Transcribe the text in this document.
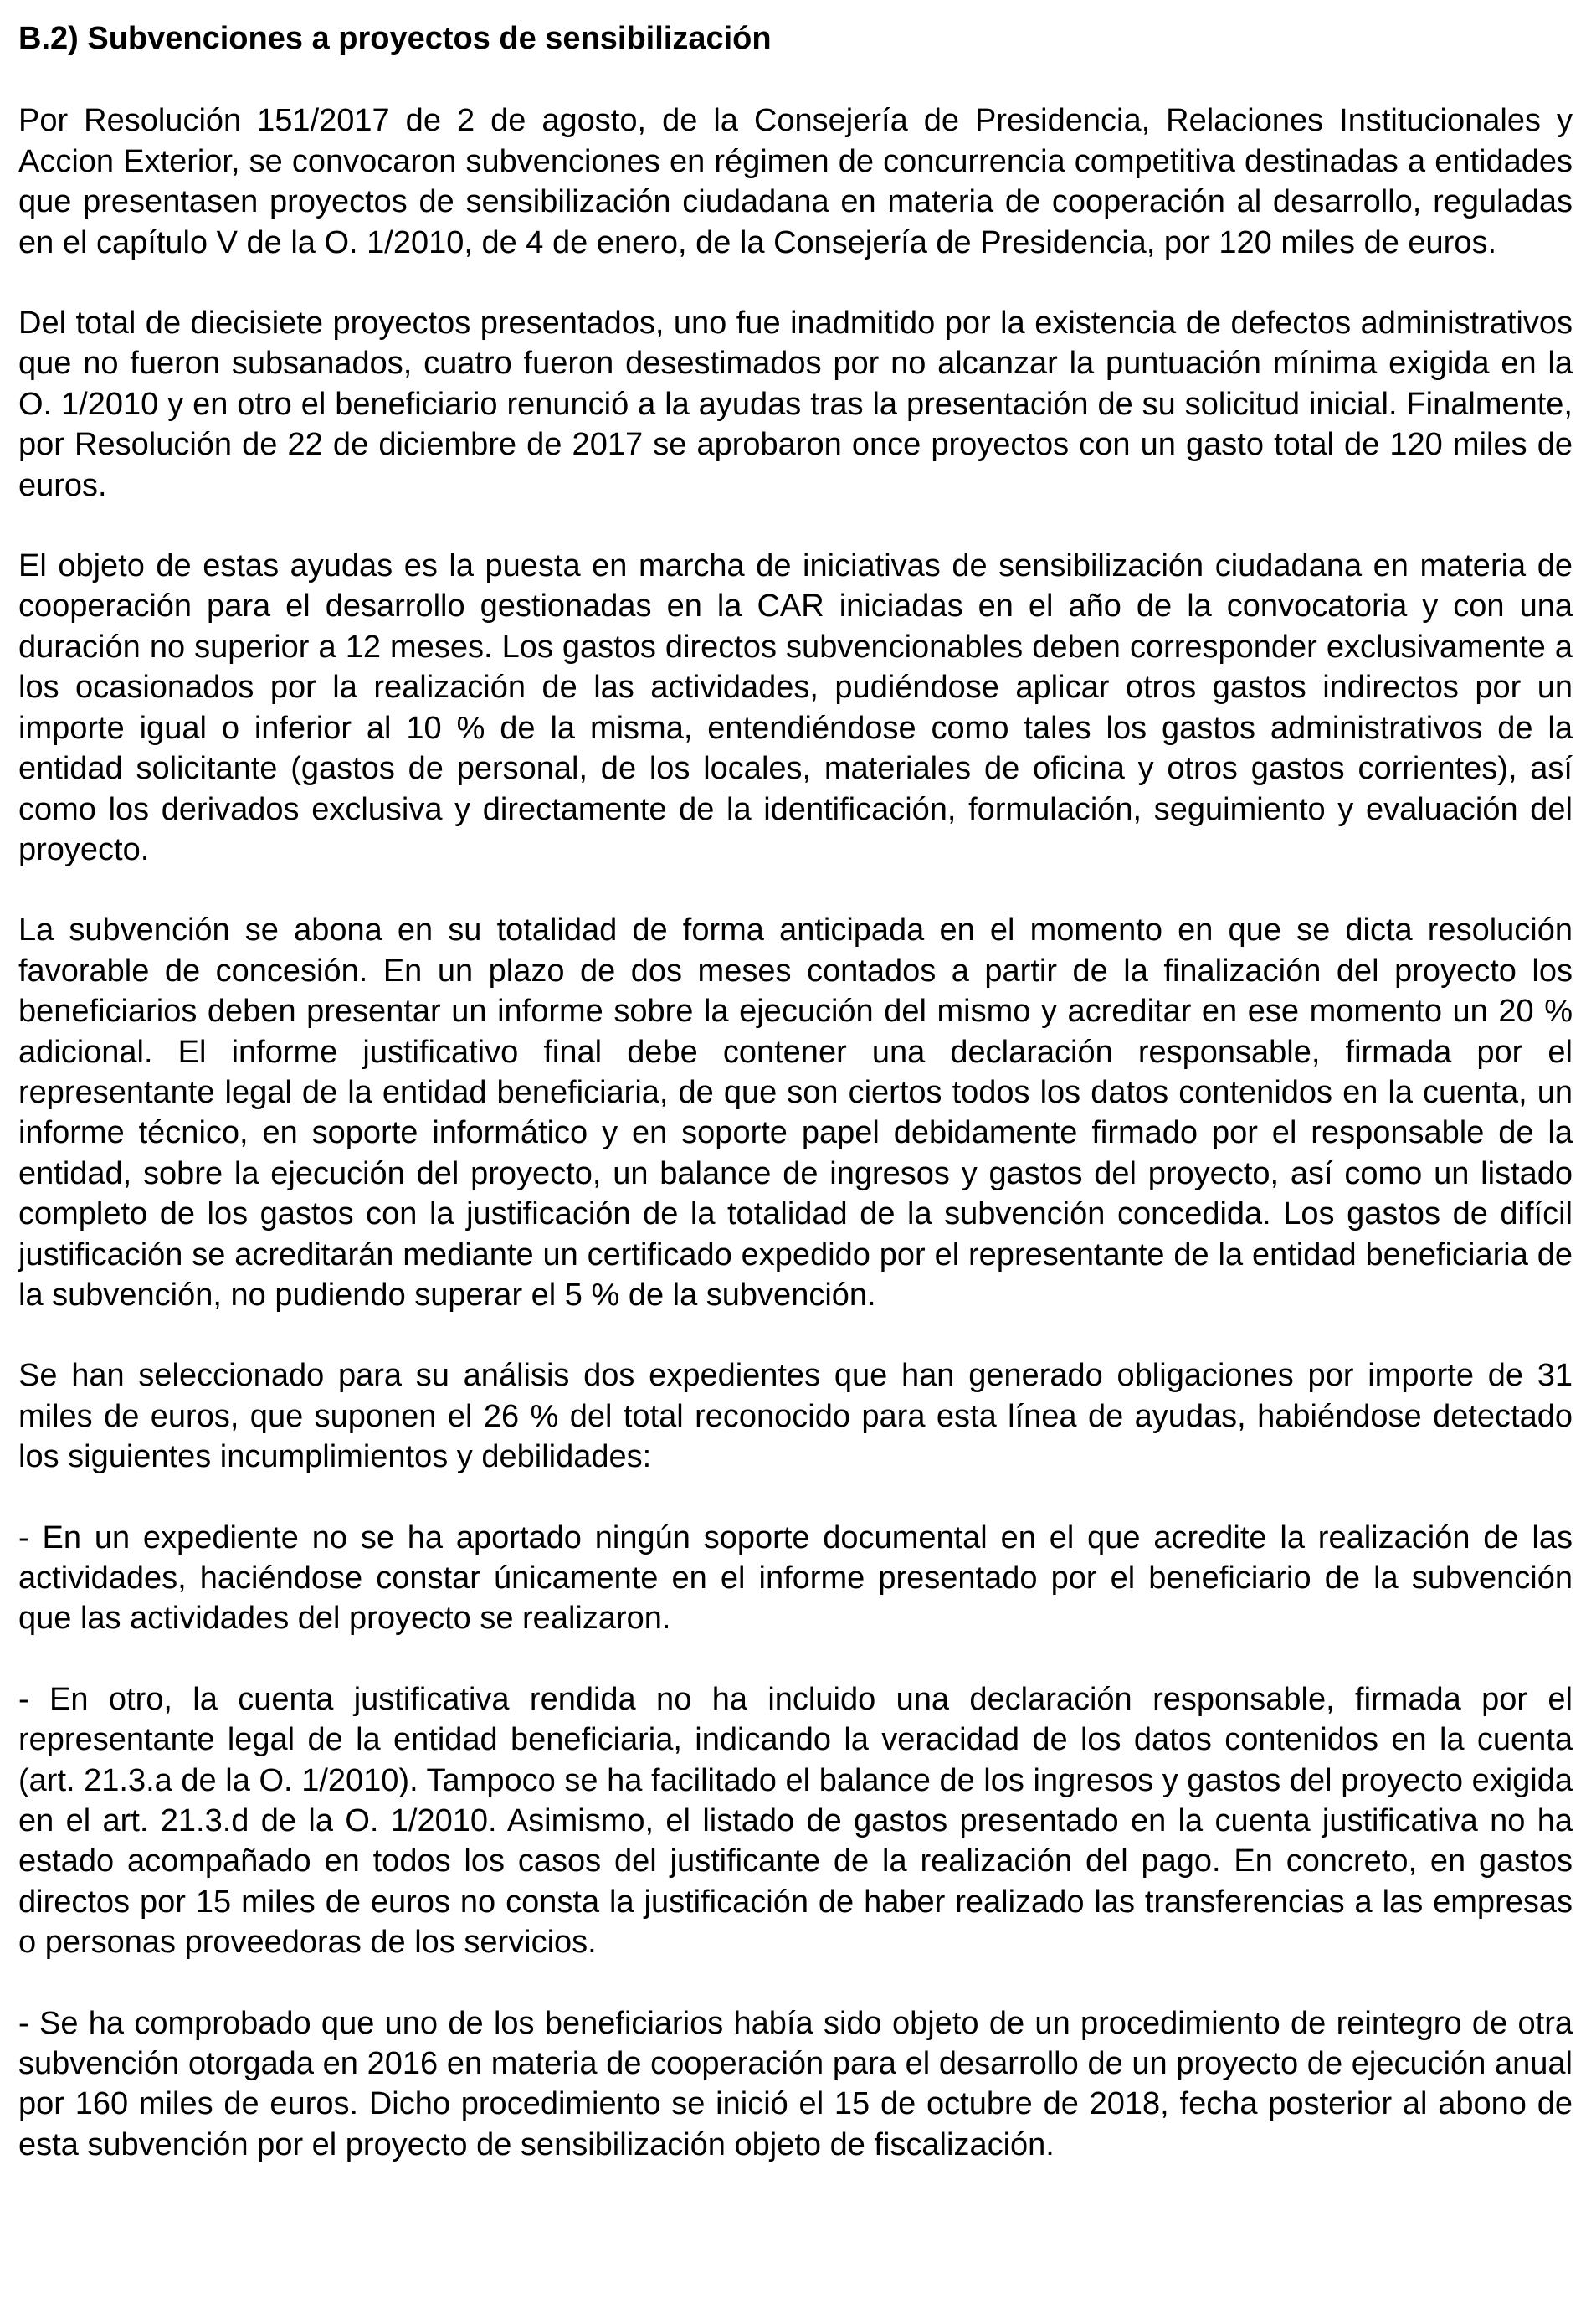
B.2) Subvenciones a proyectos de sensibilización

Por Resolución 151/2017 de 2 de agosto, de la Consejería de Presidencia, Relaciones Institucionales y Accion Exterior, se convocaron subvenciones en régimen de concurrencia competitiva destinadas a entidades que presentasen proyectos de sensibilización ciudadana en materia de cooperación al desarrollo, reguladas en el capítulo V de la O. 1/2010, de 4 de enero, de la Consejería de Presidencia, por 120 miles de euros.

Del total de diecisiete proyectos presentados, uno fue inadmitido por la existencia de defectos administrativos que no fueron subsanados, cuatro fueron desestimados por no alcanzar la puntuación mínima exigida en la O. 1/2010 y en otro el beneficiario renunció a la ayudas tras la presentación de su solicitud inicial. Finalmente, por Resolución de 22 de diciembre de 2017 se aprobaron once proyectos con un gasto total de 120 miles de euros.

El objeto de estas ayudas es la puesta en marcha de iniciativas de sensibilización ciudadana en materia de cooperación para el desarrollo gestionadas en la CAR iniciadas en el año de la convocatoria y con una duración no superior a 12 meses. Los gastos directos subvencionables deben corresponder exclusivamente a los ocasionados por la realización de las actividades, pudiéndose aplicar otros gastos indirectos por un importe igual o inferior al 10 % de la misma, entendiéndose como tales los gastos administrativos de la entidad solicitante (gastos de personal, de los locales, materiales de oficina y otros gastos corrientes), así como los derivados exclusiva y directamente de la identificación, formulación, seguimiento y evaluación del proyecto.

La subvención se abona en su totalidad de forma anticipada en el momento en que se dicta resolución favorable de concesión. En un plazo de dos meses contados a partir de la finalización del proyecto los beneficiarios deben presentar un informe sobre la ejecución del mismo y acreditar en ese momento un 20 % adicional. El informe justificativo final debe contener una declaración responsable, firmada por el representante legal de la entidad beneficiaria, de que son ciertos todos los datos contenidos en la cuenta, un informe técnico, en soporte informático y en soporte papel debidamente firmado por el responsable de la entidad, sobre la ejecución del proyecto, un balance de ingresos y gastos del proyecto, así como un listado completo de los gastos con la justificación de la totalidad de la subvención concedida. Los gastos de difícil justificación se acreditarán mediante un certificado expedido por el representante de la entidad beneficiaria de la subvención, no pudiendo superar el 5 % de la subvención.

Se han seleccionado para su análisis dos expedientes que han generado obligaciones por importe de 31 miles de euros, que suponen el 26 % del total reconocido para esta línea de ayudas, habiéndose detectado los siguientes incumplimientos y debilidades:

- En un expediente no se ha aportado ningún soporte documental en el que acredite la realización de las actividades, haciéndose constar únicamente en el informe presentado por el beneficiario de la subvención que las actividades del proyecto se realizaron.

- En otro, la cuenta justificativa rendida no ha incluido una declaración responsable, firmada por el representante legal de la entidad beneficiaria, indicando la veracidad de los datos contenidos en la cuenta (art. 21.3.a de la O. 1/2010). Tampoco se ha facilitado el balance de los ingresos y gastos del proyecto exigida en el art. 21.3.d de la O. 1/2010. Asimismo, el listado de gastos presentado en la cuenta justificativa no ha estado acompañado en todos los casos del justificante de la realización del pago. En concreto, en gastos directos por 15 miles de euros no consta la justificación de haber realizado las transferencias a las empresas o personas proveedoras de los servicios.

- Se ha comprobado que uno de los beneficiarios había sido objeto de un procedimiento de reintegro de otra subvención otorgada en 2016 en materia de cooperación para el desarrollo de un proyecto de ejecución anual por 160 miles de euros. Dicho procedimiento se inició el 15 de octubre de 2018, fecha posterior al abono de esta subvención por el proyecto de sensibilización objeto de fiscalización.
